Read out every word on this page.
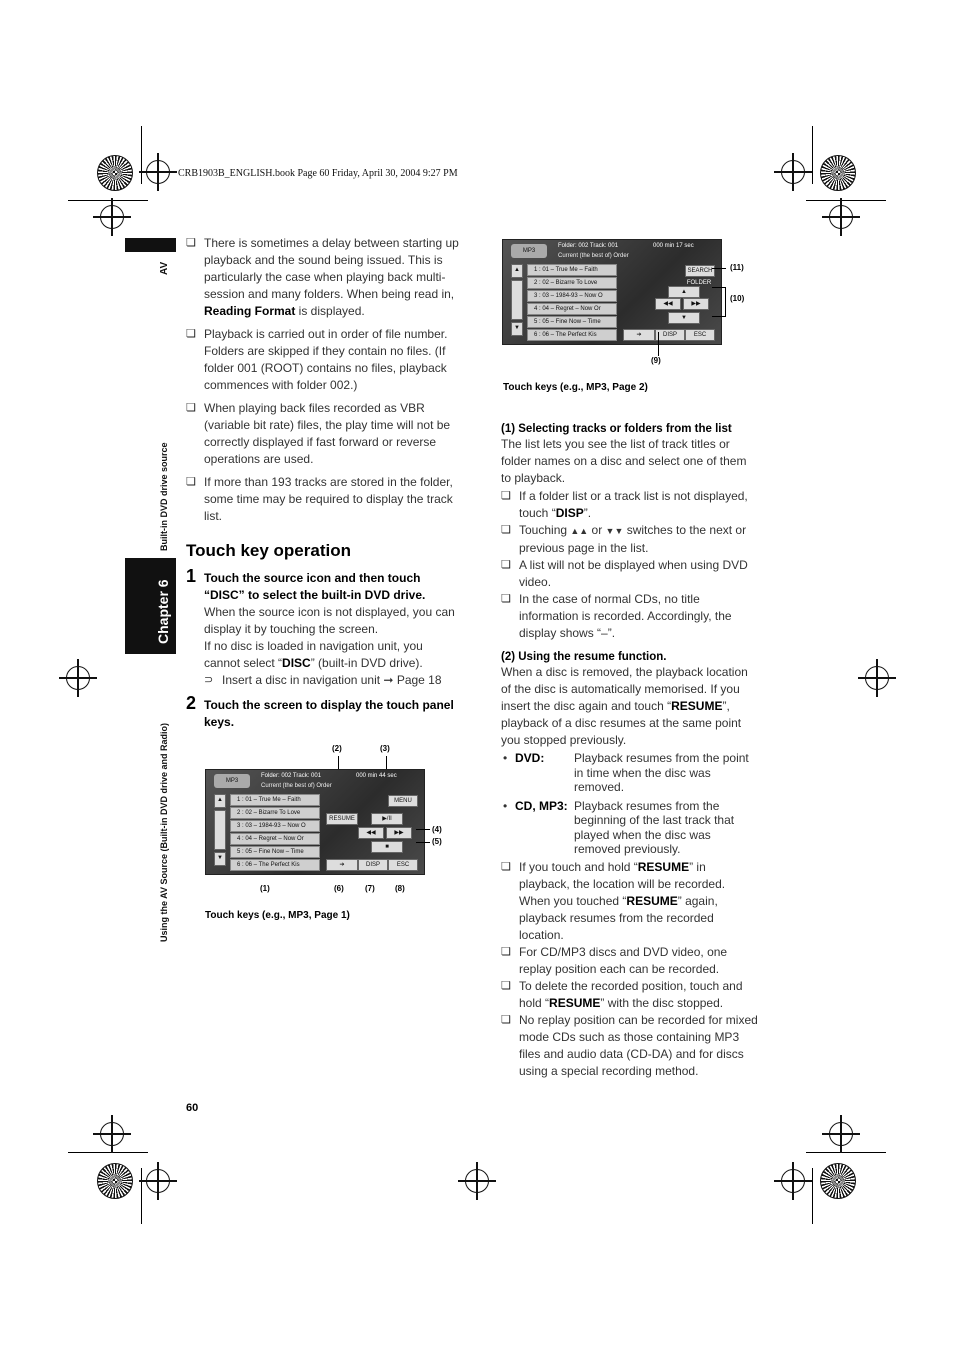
CRB1903B_ENGLISH.book Page 60 Friday, April 30, 2004 9:27 PM
AV
Built-in DVD drive source
Chapter 6
Using the AV Source (Built-in DVD drive and Radio)
❏ There is sometimes a delay between starting up playback and the sound being issued. This is particularly the case when playing back multi-session and many folders. When being read in, Reading Format is displayed.
❏ Playback is carried out in order of file number. Folders are skipped if they contain no files. (If folder 001 (ROOT) contains no files, playback commences with folder 002.)
❏ When playing back files recorded as VBR (variable bit rate) files, the play time will not be correctly displayed if fast forward or reverse operations are used.
❏ If more than 193 tracks are stored in the folder, some time may be required to display the track list.
Touch key operation
1 Touch the source icon and then touch “DISC” to select the built-in DVD drive.
When the source icon is not displayed, you can display it by touching the screen.
If no disc is loaded in navigation unit, you cannot select “DISC” (built-in DVD drive).
⊃ Insert a disc in navigation unit ➞ Page 18
2 Touch the screen to display the touch panel keys.
(2)	(3)
MP3
Folder: 002 Track: 001	000 min 44 sec
Current (the best of) Order
▲
▼
1 : 01 – True Me – Faith
2 : 02 – Bizarre To Love
3 : 03 – 1984-93 – Now O
4 : 04 – Regret – Now Or
5 : 05 – Fine Now – Time
6 : 06 – The Perfect Kis
MENU
RESUME	▶/II
◀◀	▶▶
■
➔	DISP	ESC
(4)
(5)
(1)	(6)	(7)	(8)
Touch keys (e.g., MP3, Page 1)
MP3
Folder: 002 Track: 001	000 min 17 sec
Current (the best of) Order
▲
▼
1 : 01 – True Me – Faith
2 : 02 – Bizarre To Love
3 : 03 – 1984-93 – Now O
4 : 04 – Regret – Now Or
5 : 05 – Fine Now – Time
6 : 06 – The Perfect Kis
SEARCH
FOLDER
▲
◀◀	▶▶
▼
➔	DISP	ESC
(11)
(10)
(9)
Touch keys (e.g., MP3, Page 2)
(1) Selecting tracks or folders from the list
The list lets you see the list of track titles or folder names on a disc and select one of them to playback.
❏ If a folder list or a track list is not displayed, touch “DISP”.
❏ Touching ▲▲ or ▼▼ switches to the next or previous page in the list.
❏ A list will not be displayed when using DVD video.
❏ In the case of normal CDs, no title information is recorded. Accordingly, the display shows “–”.
(2) Using the resume function.
When a disc is removed, the playback location of the disc is automatically memorised. If you insert the disc again and touch “RESUME”, playback of a disc resumes at the same point you stopped previously.
• DVD:	Playback resumes from the point in time when the disc was removed.
• CD, MP3: Playback resumes from the beginning of the last track that played when the disc was removed previously.
❏ If you touch and hold “RESUME” in playback, the location will be recorded. When you touched “RESUME” again, playback resumes from the recorded location.
❏ For CD/MP3 discs and DVD video, one replay position each can be recorded.
❏ To delete the recorded position, touch and hold “RESUME” with the disc stopped.
❏ No replay position can be recorded for mixed mode CDs such as those containing MP3 files and audio data (CD-DA) and for discs using a special recording method.
60
